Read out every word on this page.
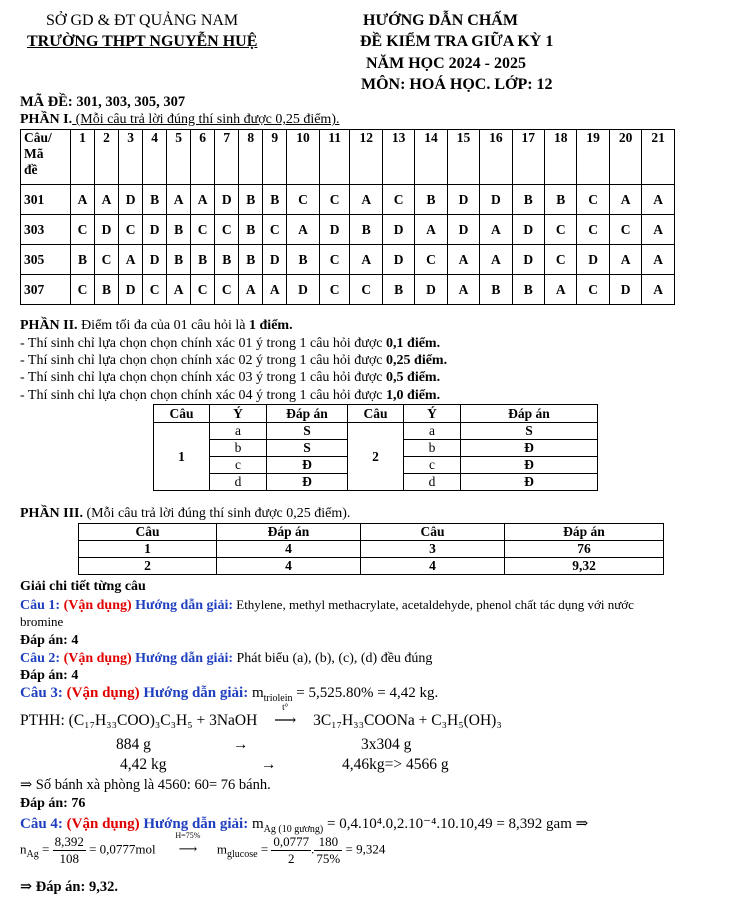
SỞ GD & ĐT QUẢNG NAM
TRƯỜNG THPT NGUYỄN HUỆ
HƯỚNG DẪN CHẤM
ĐỀ KIỂM TRA GIỮA KỲ 1
NĂM HỌC 2024 - 2025
MÔN: HOÁ HỌC. LỚP: 12
MÃ ĐỀ: 301, 303, 305, 307
PHẦN I. (Mỗi câu trả lời đúng thí sinh được 0,25 điểm).
Câu/
Mã
đề	1	2	3	4	5	6	7	8	9	10	11	12	13	14	15	16	17	18	19	20	21
301	A	A	D	B	A	A	D	B	B	C	C	A	C	B	D	D	B	B	C	A	A
303	C	D	C	D	B	C	C	B	C	A	D	B	D	A	D	A	D	C	C	C	A
305	B	C	A	D	B	B	B	B	D	B	C	A	D	C	A	A	D	C	D	A	A
307	C	B	D	C	A	C	C	A	A	D	C	C	B	D	A	B	B	A	C	D	A
PHẦN II. Điểm tối đa của 01 câu hỏi là 1 điểm.
- Thí sinh chỉ lựa chọn chọn chính xác 01 ý trong 1 câu hỏi được 0,1 điểm.
- Thí sinh chỉ lựa chọn chọn chính xác 02 ý trong 1 câu hỏi được 0,25 điểm.
- Thí sinh chỉ lựa chọn chọn chính xác 03 ý trong 1 câu hỏi được 0,5 điểm.
- Thí sinh chỉ lựa chọn chọn chính xác 04 ý trong 1 câu hỏi được 1,0 điểm.
Câu	Ý	Đáp án	Câu	Ý	Đáp án
1	a	S	2	a	S
	b	S		b	Đ
	c	Đ		c	Đ
	d	Đ		d	Đ
PHẦN III. (Mỗi câu trả lời đúng thí sinh được 0,25 điểm).
Câu	Đáp án	Câu	Đáp án
1	4	3	76
2	4	4	9,32
Giải chi tiết từng câu
Câu 1: (Vận dụng) Hướng dẫn giải: Ethylene, methyl methacrylate, acetaldehyde, phenol chất tác dụng với nước
bromine
Đáp án: 4
Câu 2: (Vận dụng) Hướng dẫn giải: Phát biểu (a), (b), (c), (d) đều đúng
Đáp án: 4
Câu 3: (Vận dụng) Hướng dẫn giải: $m_{triolein} = 5,525.80\% = 4,42$ kg.
PTHH: (C₁₇H₃₃COO)₃C₃H₅ + 3NaOH
t°
⟶ 3C₁₇H₃₃COONa + C₃H₅(OH)₃
884 g	→	3x304 g
4,42 kg	→	4,46kg=> 4566 g
⇒ Số bánh xà phòng là 4560: 60= 76 bánh.
Đáp án: 76
Câu 4: (Vận dụng) Hướng dẫn giải: $m_{Ag (10 gương)} = 0,4.10^4.0,2.10^{-4}.10.10,49 = 8,392$ gam ⇒
$n_{Ag} = \frac{8,392}{108} = 0,0777mol$
H=75%
⟶ $m_{glucose} = \frac{0,0777}{2}$ . $\frac{180}{75\%} = 9,324$
⇒ Đáp án: 9,32.
